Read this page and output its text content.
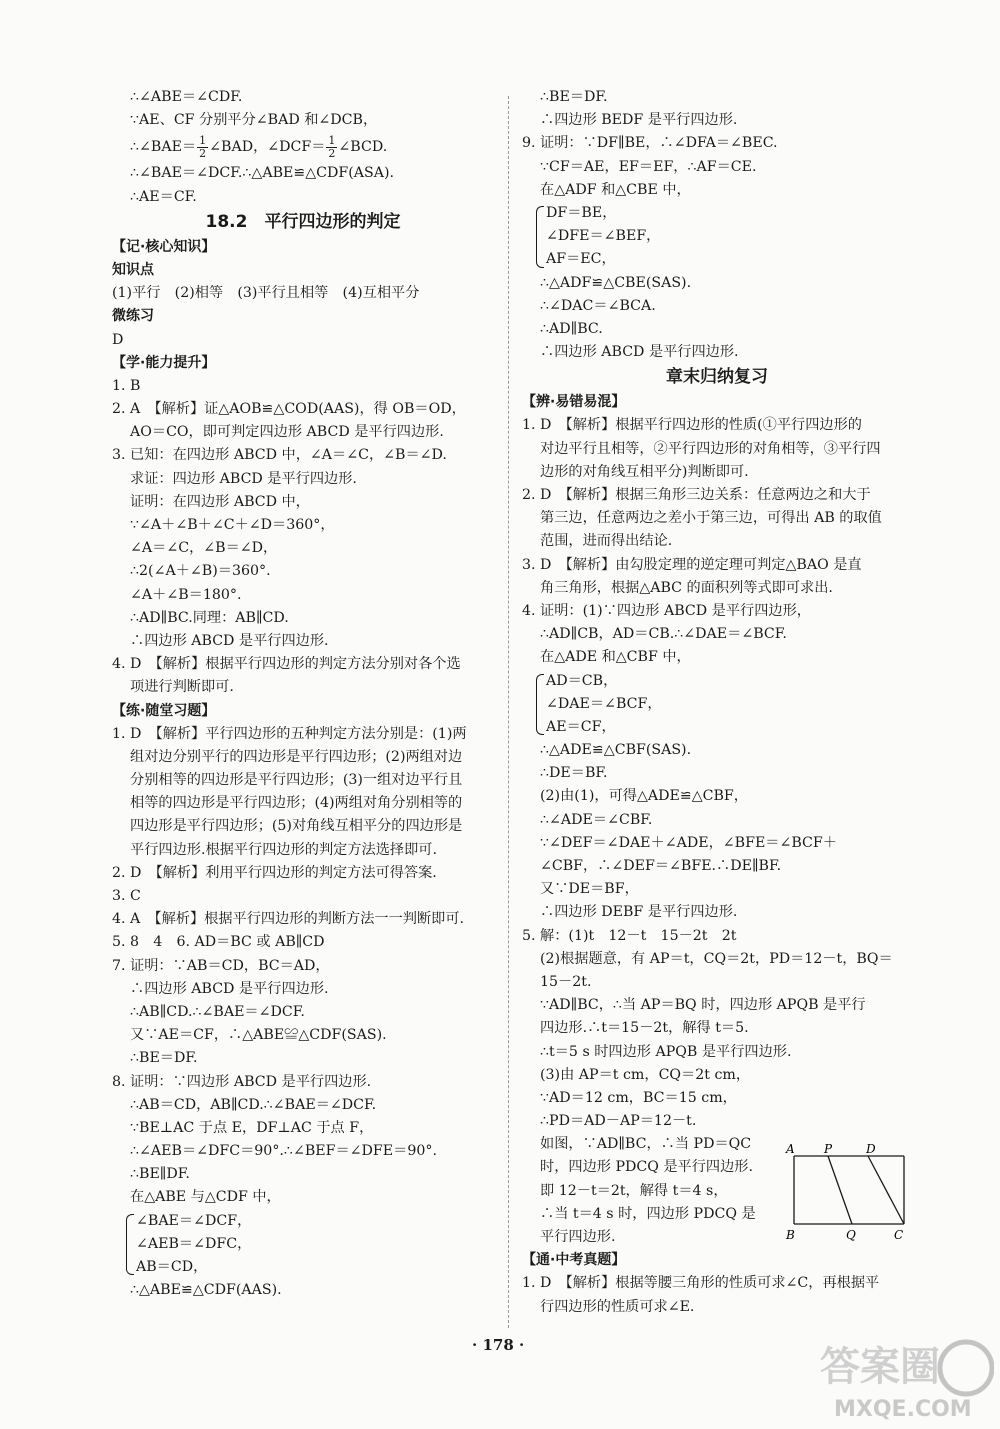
∴∠ABE＝∠CDF.
∵AE、CF 分别平分∠BAD 和∠DCB，
∴∠BAE＝ $\frac{1}{2}$ ∠BAD，∠DCF＝ $\frac{1}{2}$ ∠BCD.
∴∠BAE＝∠DCF.∴△ABE≌△CDF(ASA).
∴AE＝CF.
18.2　平行四边形的判定
【记·核心知识】
知识点
(1)平行　(2)相等　(3)平行且相等　(4)互相平分
微练习
D
【学·能力提升】
1. B
2. A　【解析】证△AOB≌△COD(AAS)，得 OB＝OD，
AO＝CO，即可判定四边形 ABCD 是平行四边形.
3. 已知：在四边形 ABCD 中，∠A＝∠C，∠B＝∠D.
求证：四边形 ABCD 是平行四边形.
证明：在四边形 ABCD 中，
∵∠A＋∠B＋∠C＋∠D＝360°，
∠A＝∠C，∠B＝∠D，
∴2(∠A＋∠B)＝360°.
∠A＋∠B＝180°.
∴AD∥BC.同理：AB∥CD.
∴四边形 ABCD 是平行四边形.
4. D　【解析】根据平行四边形的判定方法分别对各个选
项进行判断即可.
【练·随堂习题】
1. D　【解析】平行四边形的五种判定方法分别是：(1)两
组对边分别平行的四边形是平行四边形；(2)两组对边
分别相等的四边形是平行四边形；(3)一组对边平行且
相等的四边形是平行四边形；(4)两组对角分别相等的
四边形是平行四边形；(5)对角线互相平分的四边形是
平行四边形.根据平行四边形的判定方法选择即可.
2. D　【解析】利用平行四边形的判定方法可得答案.
3. C
4. A　【解析】根据平行四边形的判断方法一一判断即可.
5. 8　4　6. AD＝BC 或 AB∥CD
7. 证明：∵AB＝CD，BC＝AD，
∴四边形 ABCD 是平行四边形.
∴AB∥CD.∴∠BAE＝∠DCF.
又∵AE＝CF，∴△ABE≌△CDF(SAS).
∴BE＝DF.
8. 证明：∵四边形 ABCD 是平行四边形.
∴AB＝CD，AB∥CD.∴∠BAE＝∠DCF.
∵BE⊥AC 于点 E，DF⊥AC 于点 F，
∴∠AEB＝∠DFC＝90°.∴∠BEF＝∠DFE＝90°.
∴BE∥DF.
在△ABE 与△CDF 中，
∠BAE＝∠DCF，
∠AEB＝∠DFC，
AB＝CD，
∴△ABE≌△CDF(AAS).
∴BE＝DF.
∴四边形 BEDF 是平行四边形.
9. 证明：∵DF∥BE，∴∠DFA＝∠BEC.
∵CF＝AE，EF＝EF，∴AF＝CE.
在△ADF 和△CBE 中，
DF＝BE，
∠DFE＝∠BEF，
AF＝EC，
∴△ADF≌△CBE(SAS).
∴∠DAC＝∠BCA.
∴AD∥BC.
∴四边形 ABCD 是平行四边形.
章末归纳复习
【辨·易错易混】
1. D　【解析】根据平行四边形的性质(①平行四边形的
对边平行且相等，②平行四边形的对角相等，③平行四
边形的对角线互相平分)判断即可.
2. D　【解析】根据三角形三边关系：任意两边之和大于
第三边，任意两边之差小于第三边，可得出 AB 的取值
范围，进而得出结论.
3. D　【解析】由勾股定理的逆定理可判定△BAO 是直
角三角形，根据△ABC 的面积列等式即可求出.
4. 证明：(1)∵四边形 ABCD 是平行四边形，
∴AD∥CB，AD＝CB.∴∠DAE＝∠BCF.
在△ADE 和△CBF 中，
AD＝CB，
∠DAE＝∠BCF，
AE＝CF，
∴△ADE≌△CBF(SAS).
∴DE＝BF.
(2)由(1)，可得△ADE≌△CBF，
∴∠ADE＝∠CBF.
∵∠DEF＝∠DAE＋∠ADE，∠BFE＝∠BCF＋
∠CBF，∴∠DEF＝∠BFE.∴DE∥BF.
又∵DE＝BF，
∴四边形 DEBF 是平行四边形.
5. 解：(1)t　12－t　15－2t　2t
(2)根据题意，有 AP＝t，CQ＝2t，PD＝12－t，BQ＝
15－2t.
∵AD∥BC，∴当 AP＝BQ 时，四边形 APQB 是平行
四边形.∴t＝15－2t，解得 t＝5.
∴t＝5 s 时四边形 APQB 是平行四边形.
(3)由 AP＝t cm，CQ＝2t cm，
∵AD＝12 cm，BC＝15 cm，
∴PD＝AD－AP＝12－t.
如图，∵AD∥BC，∴当 PD＝QC
时，四边形 PDCQ 是平行四边形.
即 12－t＝2t，解得 t＝4 s，
∴当 t＝4 s 时，四边形 PDCQ 是
平行四边形.
【通·中考真题】
1. D　【解析】根据等腰三角形的性质可求∠C，再根据平
行四边形的性质可求∠E.
A P	D
B	Q	C
· 178 ·	答案圈
MXQE.COM
